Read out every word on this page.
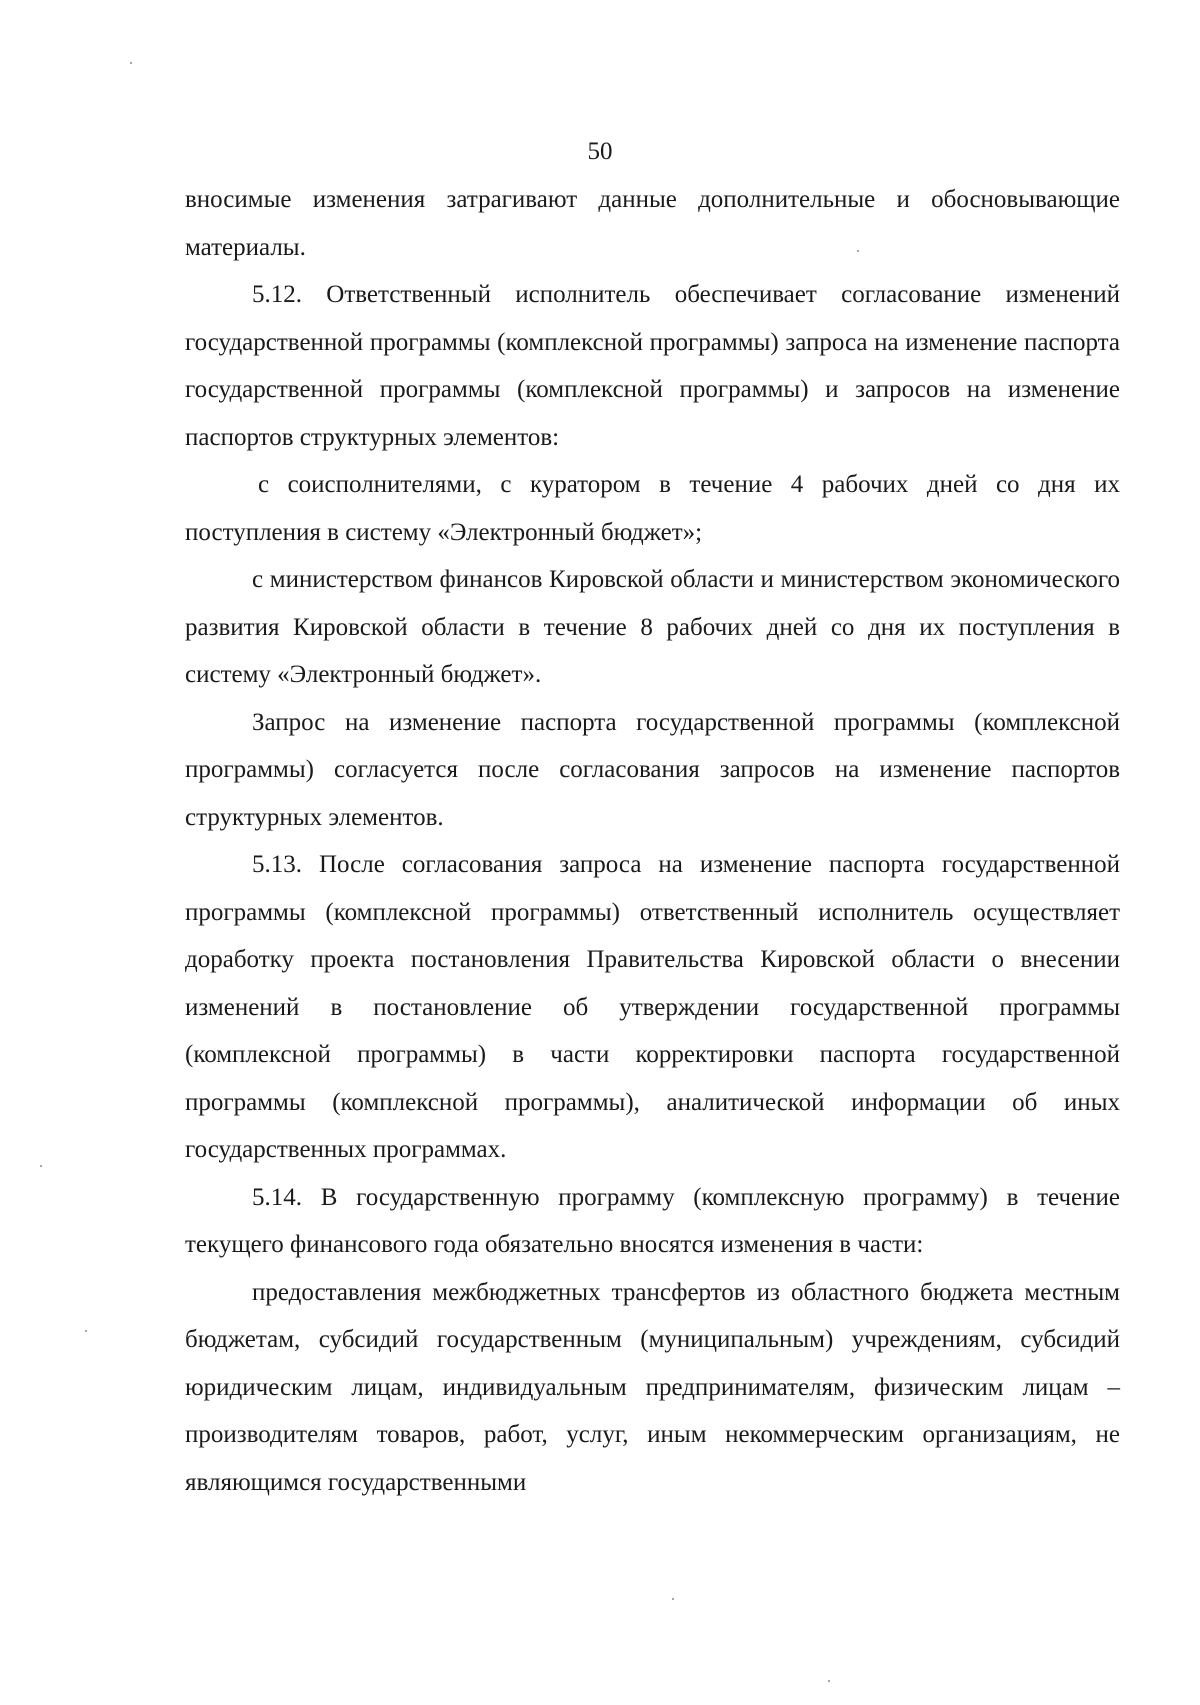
50

вносимые изменения затрагивают данные дополнительные и обосновывающие материалы.

5.12. Ответственный исполнитель обеспечивает согласование изменений государственной программы (комплексной программы) запроса на изменение паспорта государственной программы (комплексной программы) и запросов на изменение паспортов структурных элементов:

с соисполнителями, с куратором в течение 4 рабочих дней со дня их поступления в систему «Электронный бюджет»;

с министерством финансов Кировской области и министерством экономического развития Кировской области в течение 8 рабочих дней со дня их поступления в систему «Электронный бюджет».

Запрос на изменение паспорта государственной программы (комплексной программы) согласуется после согласования запросов на изменение паспортов структурных элементов.

5.13. После согласования запроса на изменение паспорта государственной программы (комплексной программы) ответственный исполнитель осуществляет доработку проекта постановления Правительства Кировской области о внесении изменений в постановление об утверждении государственной программы (комплексной программы) в части корректировки паспорта государственной программы (комплексной программы), аналитической информации об иных государственных программах.

5.14. В государственную программу (комплексную программу) в течение текущего финансового года обязательно вносятся изменения в части:

предоставления межбюджетных трансфертов из областного бюджета местным бюджетам, субсидий государственным (муниципальным) учреждениям, субсидий юридическим лицам, индивидуальным предпринимателям, физическим лицам – производителям товаров, работ, услуг, иным некоммерческим организациям, не являющимся государственными
